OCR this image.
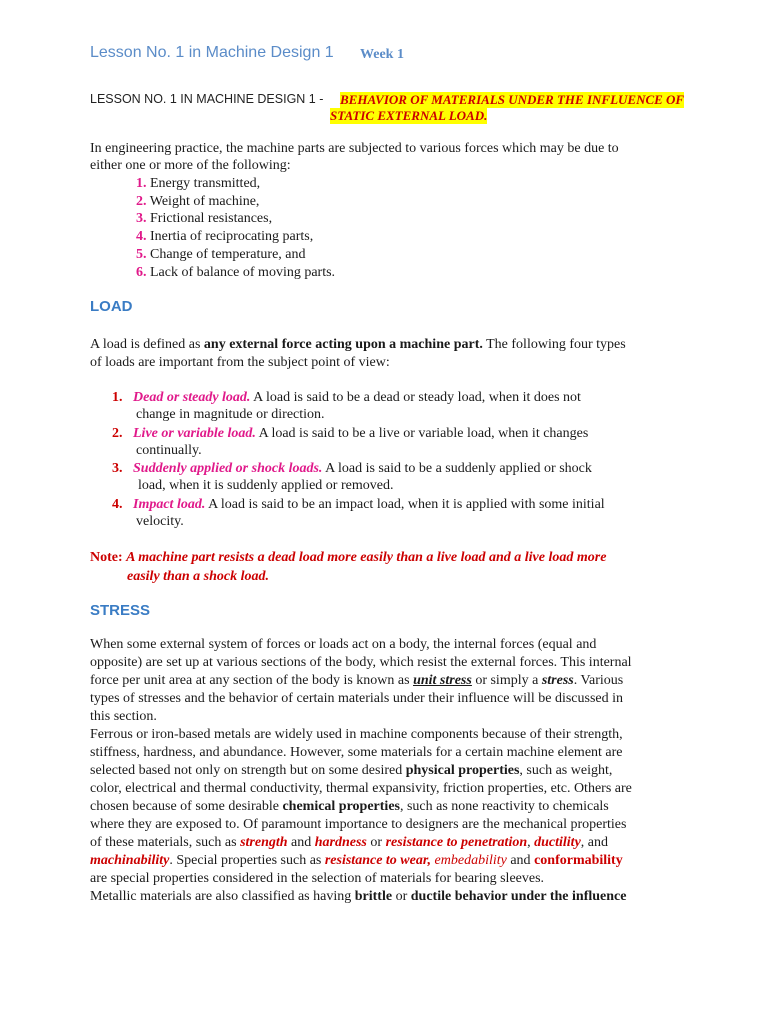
Lesson No. 1 in Machine Design 1 Week 1
LESSON NO. 1 IN MACHINE DESIGN 1 - BEHAVIOR OF MATERIALS UNDER THE INFLUENCE OF
STATIC EXTERNAL LOAD.
In engineering practice, the machine parts are subjected to various forces which may be due to
either one or more of the following:
1. Energy transmitted,
2. Weight of machine,
3. Frictional resistances,
4. Inertia of reciprocating parts,
5. Change of temperature, and
6. Lack of balance of moving parts.
LOAD
A load is defined as any external force acting upon a machine part. The following four types
of loads are important from the subject point of view:
1. Dead or steady load. A load is said to be a dead or steady load, when it does not
change in magnitude or direction.
2. Live or variable load. A load is said to be a live or variable load, when it changes
continually.
3. Suddenly applied or shock loads. A load is said to be a suddenly applied or shock
load, when it is suddenly applied or removed.
4. Impact load. A load is said to be an impact load, when it is applied with some initial
velocity.
Note: A machine part resists a dead load more easily than a live load and a live load more
easily than a shock load.
STRESS
When some external system of forces or loads act on a body, the internal forces (equal and
opposite) are set up at various sections of the body, which resist the external forces. This internal
force per unit area at any section of the body is known as unit stress or simply a stress. Various
types of stresses and the behavior of certain materials under their influence will be discussed in
this section.
Ferrous or iron-based metals are widely used in machine components because of their strength,
stiffness, hardness, and abundance. However, some materials for a certain machine element are
selected based not only on strength but on some desired physical properties, such as weight,
color, electrical and thermal conductivity, thermal expansivity, friction properties, etc. Others are
chosen because of some desirable chemical properties, such as none reactivity to chemicals
where they are exposed to. Of paramount importance to designers are the mechanical properties
of these materials, such as strength and hardness or resistance to penetration, ductility, and
machinability. Special properties such as resistance to wear, embedability and conformability
are special properties considered in the selection of materials for bearing sleeves.
Metallic materials are also classified as having brittle or ductile behavior under the influence
